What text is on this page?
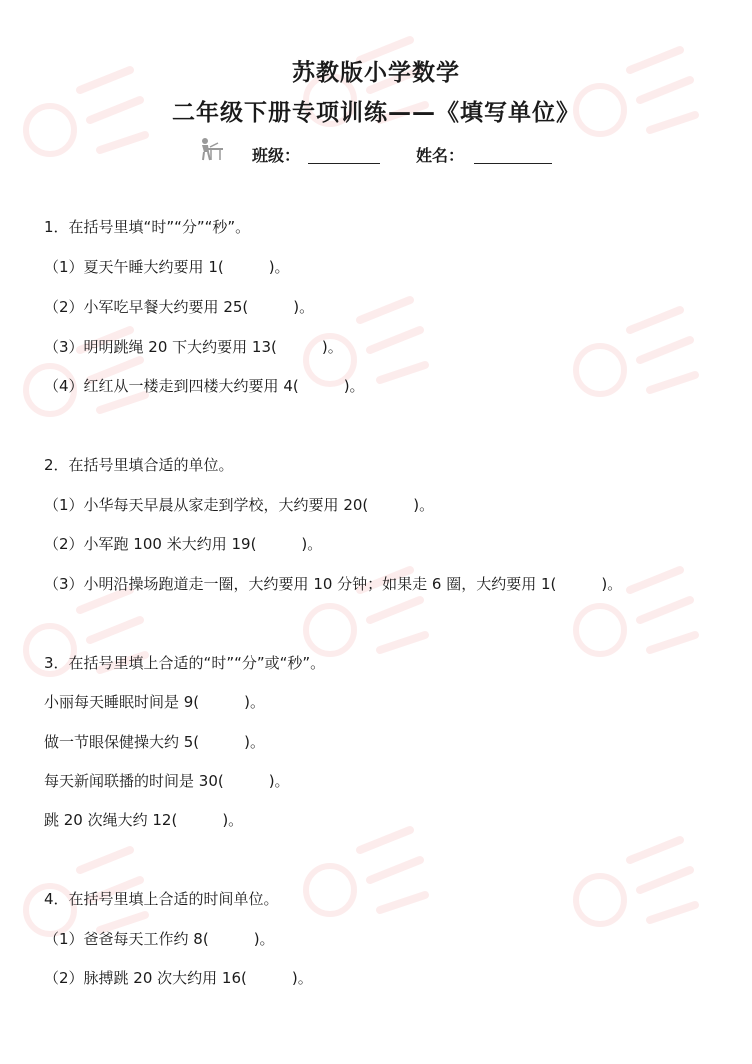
苏教版小学数学
二年级下册专项训练——《填写单位》
班级：	姓名：
1．在括号里填“时”“分”“秒”。
（1）夏天午睡大约要用 1(　　　)。
（2）小军吃早餐大约要用 25(　　　)。
（3）明明跳绳 20 下大约要用 13(　　　)。
（4）红红从一楼走到四楼大约要用 4(　　　)。
2．在括号里填合适的单位。
（1）小华每天早晨从家走到学校，大约要用 20(　　　)。
（2）小军跑 100 米大约用 19(　　　)。
（3）小明沿操场跑道走一圈，大约要用 10 分钟；如果走 6 圈，大约要用 1(　　　)。
3．在括号里填上合适的“时”“分”或“秒”。
小丽每天睡眠时间是 9(　　　)。
做一节眼保健操大约 5(　　　)。
每天新闻联播的时间是 30(　　　)。
跳 20 次绳大约 12(　　　)。
4．在括号里填上合适的时间单位。
（1）爸爸每天工作约 8(　　　)。
（2）脉搏跳 20 次大约用 16(　　　)。
